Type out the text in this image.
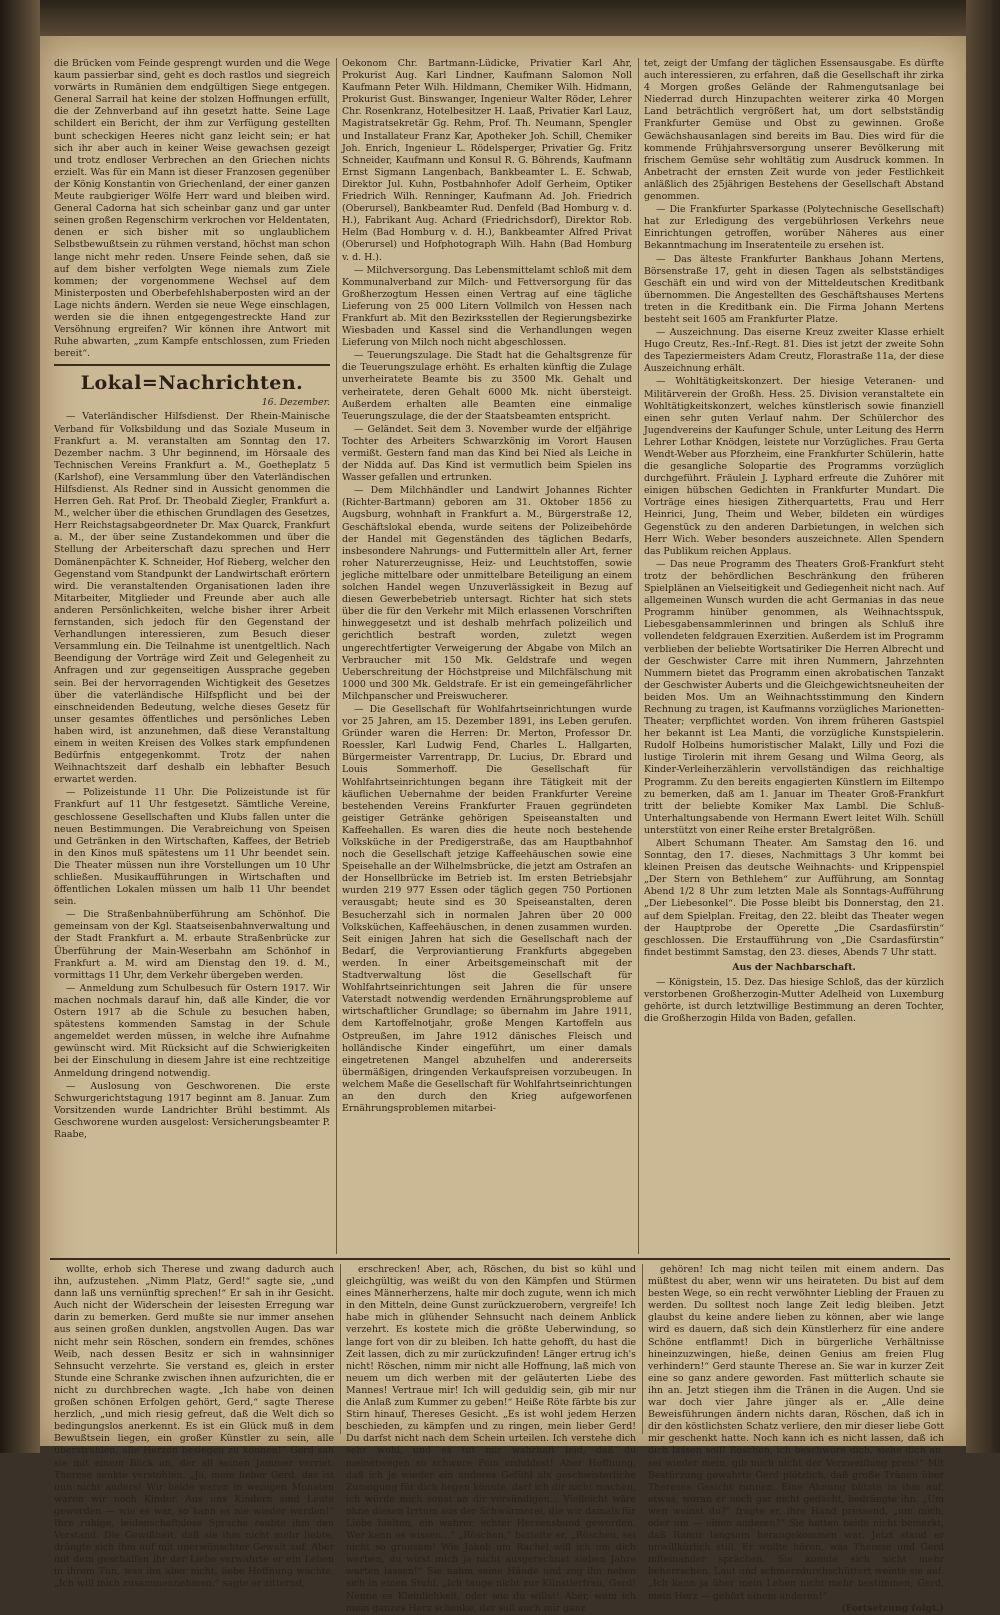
die Brücken vom Feinde gesprengt wurden und die Wege kaum passierbar sind, geht es doch rastlos und siegreich vorwärts in Rumänien dem endgültigen Siege entgegen. General Sarrail hat keine der stolzen Hoffnungen erfüllt, die der Zehnverband auf ihn gesetzt hatte. Seine Lage schildert ein Bericht, der ihm zur Verfügung gestellten bunt scheckigen Heeres nicht ganz leicht sein; er hat sich ihr aber auch in keiner Weise gewachsen gezeigt und trotz endloser Verbrechen an den Griechen nichts erzielt. Was für ein Mann ist dieser Franzosen gegenüber der König Konstantin von Griechenland, der einer ganzen Meute raubgieriger Wölfe Herr ward und bleiben wird. General Cadorna hat sich scheinbar ganz und gar unter seinen großen Regenschirm verkrochen vor Heldentaten, denen er sich bisher mit so unglaublichem Selbstbewußtsein zu rühmen verstand, höchst man schon lange nicht mehr reden. Unsere Feinde sehen, daß sie auf dem bisher verfolgten Wege niemals zum Ziele kommen; der vorgenommene Wechsel auf dem Ministerposten und Oberbefehlshaberposten wird an der Lage nichts ändern. Werden sie neue Wege einschlagen, werden sie die ihnen entgegengestreckte Hand zur Versöhnung ergreifen? Wir können ihre Antwort mit Ruhe abwarten, „zum Kampfe entschlossen, zum Frieden bereit“.

Lokal=Nachrichten.

16. Dezember.

— Vaterländischer Hilfsdienst. Der Rhein-Mainische Verband für Volksbildung und das Soziale Museum in Frankfurt a. M. veranstalten am Sonntag den 17. Dezember nachm. 3 Uhr beginnend, im Hörsaale des Technischen Vereins Frankfurt a. M., Goetheplatz 5 (Karlshof), eine Versammlung über den Vaterländischen Hilfsdienst. Als Redner sind in Aussicht genommen die Herren Geh. Rat Prof. Dr. Theobald Ziegler, Frankfurt a. M., welcher über die ethischen Grundlagen des Gesetzes, Herr Reichstagsabgeordneter Dr. Max Quarck, Frankfurt a. M., der über seine Zustandekommen und über die Stellung der Arbeiterschaft dazu sprechen und Herr Domänenpächter K. Schneider, Hof Rieberg, welcher den Gegenstand vom Standpunkt der Landwirtschaft erörtern wird. Die veranstaltenden Organisationen laden ihre Mitarbeiter, Mitglieder und Freunde aber auch alle anderen Persönlichkeiten, welche bisher ihrer Arbeit fernstanden, sich jedoch für den Gegenstand der Verhandlungen interessieren, zum Besuch dieser Versammlung ein. Die Teilnahme ist unentgeltlich. Nach Beendigung der Vorträge wird Zeit und Gelegenheit zu Anfragen und zur gegenseitigen Aussprache gegeben sein. Bei der hervorragenden Wichtigkeit des Gesetzes über die vaterländische Hilfspflicht und bei der einschneidenden Bedeutung, welche dieses Gesetz für unser gesamtes öffentliches und persönliches Leben haben wird, ist anzunehmen, daß diese Veranstaltung einem in weiten Kreisen des Volkes stark empfundenen Bedürfnis entgegenkommt. Trotz der nahen Weihnachtszeit darf deshalb ein lebhafter Besuch erwartet werden.

— Polizeistunde 11 Uhr. Die Polizeistunde ist für Frankfurt auf 11 Uhr festgesetzt. Sämtliche Vereine, geschlossene Gesellschaften und Klubs fallen unter die neuen Bestimmungen. Die Verabreichung von Speisen und Getränken in den Wirtschaften, Kaffees, der Betrieb in den Kinos muß spätestens um 11 Uhr beendet sein. Die Theater müssen nun ihre Vorstellungen um 10 Uhr schließen. Musikaufführungen in Wirtschaften und öffentlichen Lokalen müssen um halb 11 Uhr beendet sein.

— Die Straßenbahnüberführung am Schönhof. Die gemeinsam von der Kgl. Staatseisenbahnverwaltung und der Stadt Frankfurt a. M. erbaute Straßenbrücke zur Überführung der Main-Weserbahn am Schönhof in Frankfurt a. M. wird am Dienstag den 19. d. M., vormittags 11 Uhr, dem Verkehr übergeben werden.

— Anmeldung zum Schulbesuch für Ostern 1917. Wir machen nochmals darauf hin, daß alle Kinder, die vor Ostern 1917 ab die Schule zu besuchen haben, spätestens kommenden Samstag in der Schule angemeldet werden müssen, in welche ihre Aufnahme gewünscht wird. Mit Rücksicht auf die Schwierigkeiten bei der Einschulung in diesem Jahre ist eine rechtzeitige Anmeldung dringend notwendig.

— Auslosung von Geschworenen. Die erste Schwurgerichtstagung 1917 beginnt am 8. Januar. Zum Vorsitzenden wurde Landrichter Brühl bestimmt. Als Geschworene wurden ausgelost: Versicherungsbeamter P. Raabe,

Oekonom Chr. Bartmann-Lüdicke, Privatier Karl Ahr, Prokurist Aug. Karl Lindner, Kaufmann Salomon Noll Kaufmann Peter Wilh. Hildmann, Chemiker Wilh. Hidmann, Prokurist Gust. Binswanger, Ingenieur Walter Röder, Lehrer Chr. Rosenkranz, Hotelbesitzer H. Laaß, Privatier Karl Lauz, Magistratsekretär Gg. Rehm, Prof. Th. Neumann, Spengler und Installateur Franz Kar, Apotheker Joh. Schill, Chemiker Joh. Enrich, Ingenieur L. Rödelsperger, Privatier Gg. Fritz Schneider, Kaufmann und Konsul R. G. Böhrends, Kaufmann Ernst Sigmann Langenbach, Bankbeamter L. E. Schwab, Direktor Jul. Kuhn, Postbahnhofer Adolf Gerheim, Optiker Friedrich Wilh. Renninger, Kaufmann Ad. Joh. Friedrich (Oberursel), Bankbeamter Rud. Denfeld (Bad Homburg v. d. H.), Fabrikant Aug. Achard (Friedrichsdorf), Direktor Rob. Helm (Bad Homburg v. d. H.), Bankbeamter Alfred Privat (Oberursel) und Hofphotograph Wilh. Hahn (Bad Homburg v. d. H.).

— Milchversorgung. Das Lebensmittelamt schloß mit dem Kommunalverband zur Milch- und Fettversorgung für das Großherzogtum Hessen einen Vertrag auf eine tägliche Lieferung von 25 000 Litern Vollmilch von Hessen nach Frankfurt ab. Mit den Bezirksstellen der Regierungsbezirke Wiesbaden und Kassel sind die Verhandlungen wegen Lieferung von Milch noch nicht abgeschlossen.

— Teuerungszulage. Die Stadt hat die Gehaltsgrenze für die Teuerungszulage erhöht. Es erhalten künftig die Zulage unverheiratete Beamte bis zu 3500 Mk. Gehalt und verheiratete, deren Gehalt 6000 Mk. nicht übersteigt. Außerdem erhalten alle Beamten eine einmalige Teuerungszulage, die der der Staatsbeamten entspricht.

— Geländet. Seit dem 3. November wurde der elfjährige Tochter des Arbeiters Schwarzkönig im Vorort Hausen vermißt. Gestern fand man das Kind bei Nied als Leiche in der Nidda auf. Das Kind ist vermutlich beim Spielen ins Wasser gefallen und ertrunken.

— Dem Milchhändler und Landwirt Johannes Richter (Richter-Bartmann) geboren am 31. Oktober 1856 zu Augsburg, wohnhaft in Frankfurt a. M., Bürgerstraße 12, Geschäftslokal ebenda, wurde seitens der Polizeibehörde der Handel mit Gegenständen des täglichen Bedarfs, insbesondere Nahrungs- und Futtermitteln aller Art, ferner roher Naturerzeugnisse, Heiz- und Leuchtstoffen, sowie jegliche mittelbare oder unmittelbare Beteiligung an einem solchen Handel wegen Unzuverlässigkeit in Bezug auf diesen Gewerbebetrieb untersagt. Richter hat sich stets über die für den Verkehr mit Milch erlassenen Vorschriften hinweggesetzt und ist deshalb mehrfach polizeilich und gerichtlich bestraft worden, zuletzt wegen ungerechtfertigter Verweigerung der Abgabe von Milch an Verbraucher mit 150 Mk. Geldstrafe und wegen Ueberschreitung der Höchstpreise und Milchfälschung mit 1000 und 300 Mk. Geldstrafe. Er ist ein gemeingefährlicher Milchpanscher und Preiswucherer.

— Die Gesellschaft für Wohlfahrtseinrichtungen wurde vor 25 Jahren, am 15. Dezember 1891, ins Leben gerufen. Gründer waren die Herren: Dr. Merton, Professor Dr. Roessler, Karl Ludwig Fend, Charles L. Hallgarten, Bürgermeister Varrentrapp, Dr. Lucius, Dr. Ebrard und Louis Sommerhoff. Die Gesellschaft für Wohlfahrtseinrichtungen begann ihre Tätigkeit mit der käuflichen Uebernahme der beiden Frankfurter Vereine bestehenden Vereins Frankfurter Frauen gegründeten geistiger Getränke gehörigen Speiseanstalten und Kaffeehallen. Es waren dies die heute noch bestehende Volksküche in der Predigerstraße, das am Hauptbahnhof noch die Gesellschaft jetzige Kaffeehäuschen sowie eine Speisehalle an der Wilhelmsbrücke, die jetzt am Ostrafen an der Honsellbrücke im Betrieb ist. Im ersten Betriebsjahr wurden 219 977 Essen oder täglich gegen 750 Portionen verausgabt; heute sind es 30 Speiseanstalten, deren Besucherzahl sich in normalen Jahren über 20 000 Volksküchen, Kaffeehäuschen, in denen zusammen wurden. Seit einigen Jahren hat sich die Gesellschaft nach der Bedarf, die Verproviantierung Frankfurts abgegeben werden. In einer Arbeitsgemeinschaft mit der Stadtverwaltung löst die Gesellschaft für Wohlfahrtseinrichtungen seit Jahren die für unsere Vaterstadt notwendig werdenden Ernährungsprobleme auf wirtschaftlicher Grundlage; so übernahm im Jahre 1911, dem Kartoffelnotjahr, große Mengen Kartoffeln aus Ostpreußen, im Jahre 1912 dänisches Fleisch und holländische Kinder eingeführt, um einer damals eingetretenen Mangel abzuhelfen und andererseits übermäßigen, dringenden Verkaufspreisen vorzubeugen. In welchem Maße die Gesellschaft für Wohlfahrtseinrichtungen an den durch den Krieg aufgeworfenen Ernährungsproblemen mitarbei-

tet, zeigt der Umfang der täglichen Essensausgabe. Es dürfte auch interessieren, zu erfahren, daß die Gesellschaft ihr zirka 4 Morgen großes Gelände der Rahmengutsanlage bei Niederrad durch Hinzupachten weiterer zirka 40 Morgen Land beträchtlich vergrößert hat, um dort selbstständig Frankfurter Gemüse und Obst zu gewinnen. Große Gewächshausanlagen sind bereits im Bau. Dies wird für die kommende Frühjahrsversorgung unserer Bevölkerung mit frischem Gemüse sehr wohltätig zum Ausdruck kommen. In Anbetracht der ernsten Zeit wurde von jeder Festlichkeit anläßlich des 25jährigen Bestehens der Gesellschaft Abstand genommen.

— Die Frankfurter Sparkasse (Polytechnische Gesellschaft) hat zur Erledigung des vergebührlosen Verkehrs neue Einrichtungen getroffen, worüber Näheres aus einer Bekanntmachung im Inseratenteile zu ersehen ist.

— Das älteste Frankfurter Bankhaus Johann Mertens, Börsenstraße 17, geht in diesen Tagen als selbstständiges Geschäft ein und wird von der Mitteldeutschen Kreditbank übernommen. Die Angestellten des Geschäftshauses Mertens treten in die Kreditbank ein. Die Firma Johann Mertens besteht seit 1605 am Frankfurter Platze.

— Auszeichnung. Das eiserne Kreuz zweiter Klasse erhielt Hugo Creutz, Res.-Inf.-Regt. 81. Dies ist jetzt der zweite Sohn des Tapeziermeisters Adam Creutz, Florastraße 11a, der diese Auszeichnung erhält.

— Wohltätigkeitskonzert. Der hiesige Veteranen- und Militärverein der Großh. Hess. 25. Division veranstaltete ein Wohltätigkeitskonzert, welches künstlerisch sowie finanziell einen sehr guten Verlauf nahm. Der Schülerchor des Jugendvereins der Kaufunger Schule, unter Leitung des Herrn Lehrer Lothar Knödgen, leistete nur Vorzügliches. Frau Gerta Wendt-Weber aus Pforzheim, eine Frankfurter Schülerin, hatte die gesangliche Solopartie des Programms vorzüglich durchgeführt. Fräulein J. Lyphard erfreute die Zuhörer mit einigen hübschen Gedichten in Frankfurter Mundart. Die Vorträge eines hiesigen Zitherquartetts, Frau und Herr Heinrici, Jung, Theim und Weber, bildeten ein würdiges Gegenstück zu den anderen Darbietungen, in welchen sich Herr Wich. Weber besonders auszeichnete. Allen Spendern das Publikum reichen Applaus.

— Das neue Programm des Theaters Groß-Frankfurt steht trotz der behördlichen Beschränkung den früheren Spielplänen an Vielseitigkeit und Gediegenheit nicht nach. Auf allgemeinen Wunsch wurden die acht Germanias in das neue Programm hinüber genommen, als Weihnachtsspuk, Liebesgabensammlerinnen und bringen als Schluß ihre vollendeten feldgrauen Exerzitien. Außerdem ist im Programm verblieben der beliebte Wortsatiriker Die Herren Albrecht und der Geschwister Carre mit ihren Nummern, Jahrzehnten Nummern bietet das Programm einen akrobatischen Tanzakt der Geschwister Auberts und die Gleichgewichtsneuheiten der beiden Mos. Um an Weihnachtsstimmung den Kindern Rechnung zu tragen, ist Kaufmanns vorzügliches Marionetten-Theater; verpflichtet worden. Von ihrem früheren Gastspiel her bekannt ist Lea Manti, die vorzügliche Kunstspielerin. Rudolf Holbeins humoristischer Malakt, Lilly und Fozi die lustige Tirolerin mit ihrem Gesang und Wilma Georg, als Kinder-Verleiherzählerin vervollständigen das reichhaltige Programm. Zu den bereits engagierten Künstlern im Eiltempo zu bemerken, daß am 1. Januar im Theater Groß-Frankfurt tritt der beliebte Komiker Max Lambl. Die Schluß-Unterhaltungsabende von Hermann Ewert leitet Wilh. Schüll unterstützt von einer Reihe erster Bretalgrößen.

Albert Schumann Theater. Am Samstag den 16. und Sonntag, den 17. dieses, Nachmittags 3 Uhr kommt bei kleinen Preisen das deutsche Weihnachts- und Krippenspiel „Der Stern von Bethlehem“ zur Aufführung, am Sonntag Abend 1/2 8 Uhr zum letzten Male als Sonntags-Aufführung „Der Liebesonkel“. Die Posse bleibt bis Donnerstag, den 21. auf dem Spielplan. Freitag, den 22. bleibt das Theater wegen der Hauptprobe der Operette „Die Csardasfürstin“ geschlossen. Die Erstaufführung von „Die Csardasfürstin“ findet bestimmt Samstag, den 23. dieses, Abends 7 Uhr statt.

Aus der Nachbarschaft.

— Königstein, 15. Dez. Das hiesige Schloß, das der kürzlich verstorbenen Großherzogin-Mutter Adelheid von Luxemburg gehörte, ist durch letztwillige Bestimmung an deren Tochter, die Großherzogin Hilda von Baden, gefallen.

wollte, erhob sich Therese und zwang dadurch auch ihn, aufzustehen. „Nimm Platz, Gerd!“ sagte sie, „und dann laß uns vernünftig sprechen!“ Er sah in ihr Gesicht. Auch nicht der Widerschein der leisesten Erregung war darin zu bemerken. Gerd mußte sie nur immer ansehen aus seinen großen dunklen, angstvollen Augen. Das war nicht mehr sein Röschen, sondern ein fremdes, schönes Weib, nach dessen Besitz er sich in wahnsinniger Sehnsucht verzehrte. Sie verstand es, gleich in erster Stunde eine Schranke zwischen ihnen aufzurichten, die er nicht zu durchbrechen wagte. „Ich habe von deinen großen schönen Erfolgen gehört, Gerd,“ sagte Therese herzlich, „und mich riesig gefreut, daß die Welt dich so bedingungslos anerkennt. Es ist ein Glück muß in dem Bewußtsein liegen, ein großer Künstler zu sein, alle überstrahlen, alle Herzen besiegen zu können!“ Gerd sah sie mit einem Blick an, der all seinen Jammer verriet. Therese senkte verstohlen. „Ja, mein lieber Gerd, das ist nun nicht anders! Wir beide waren in wenigen Monaten waren wir noch Kinder. Aus uns Kindern sind Leute geworden — wie es war, so kann es nie wieder werden!“ Ihre ruhige, leidenschaftslose Sprache raubte ihm den Verstand. Die Gewißheit, daß sie ihm nicht mehr liebte, drängte sich ihm auf mit unerwünschter Gewalt auf. Aber mit dem geschaffen ihr der Liebe verwahrte er ein Leben in ihrem Tun, was ihn aber nicht, liebe Hoffnung wachte. „Ich will mich zusammennehmen,“ sagte er zitternd,

erschrecken! Aber, ach, Röschen, du bist so kühl und gleichgültig, was weißt du von den Kämpfen und Stürmen eines Männerherzens, halte mir doch zugute, wenn ich mich in den Mitteln, deine Gunst zurückzuerobern, vergreife! Ich habe mich in glühender Sehnsucht nach deinem Anblick verzehrt. Es kostete mich die größte Ueberwindung, so lange fort von dir zu bleiben. Ich hatte gehofft, du hast die Zeit lassen, dich zu mir zurückzufinden! Länger ertrug ich's nicht! Röschen, nimm mir nicht alle Hoffnung, laß mich von neuem um dich werben mit der geläuterten Liebe des Mannes! Vertraue mir! Ich will geduldig sein, gib mir nur die Anlaß zum Kummer zu geben!“ Heiße Röte färbte bis zur Stirn hinauf, Thereses Gesicht. „Es ist wohl jedem Herzen beschieden, zu kämpfen und zu ringen, mein lieber Gerd! Du darfst nicht nach dem Schein urteilen. Ich verstehe dich sehr wohl, und es tut mir wahrhaft leid, daß du meinetwegen so schwere Pein erduldest! Aber Hoffnung, daß ich je wieder ein anderes Gefühl als geschwisterliche Zuneigung für dich hegen könnte, darf ich dir nicht machen, ich würde mich sonst an dir versündigen... Vielleicht wäre ohne diesen Irrtum aus der Schwärmerei, die wir damals für Liebe hielten, ein wahrer, echter Herzensbund geworden. Wer kann es wissen...“ „Röschen,“ bettelte er, „Röschen, sei nicht so grausam! Wie Jakob um Rachel will ich um dich werben, du wirst mich ja nicht ausgerechnet sieben Jahre warten lassen!“ Sie nahm seine Hände und zog ihn neben sich in einen Stuhl. „Ich tauge nicht zur Künstlerfrau, Gerd! Nenne es Kleinlichkeit, oder wie du willst! Aber, wem ich mein ganzes Herz schenke, der soll auch mir ganz

gehören! Ich mag nicht teilen mit einem andern. Das müßtest du aber, wenn wir uns heirateten. Du bist auf dem besten Wege, so ein recht verwöhnter Liebling der Frauen zu werden. Du solltest noch lange Zeit ledig bleiben. Jetzt glaubst du keine andere lieben zu können, aber wie lange wird es dauern, daß sich dein Künstlerherz für eine andere Schöne entflammt! Dich in bürgerliche Verhältnisse hineinzuzwingen, hieße, deinen Genius am freien Flug verhindern!“ Gerd staunte Therese an. Sie war in kurzer Zeit eine so ganz andere geworden. Fast mütterlich schaute sie ihn an. Jetzt stiegen ihm die Tränen in die Augen. Und sie war doch vier Jahre jünger als er. „Alle deine Beweisführungen ändern nichts daran, Röschen, daß ich in dir den köstlichsten Schatz verliere, den mir dieser liebe Gott mir geschenkt hatte. Noch kann ich es nicht lassen, daß ich dich lassen soll! Röschen, ich beschwöre dich, siehe dich an, sei wieder mein, gib mich nicht der Verzweiflung preis!“ Mit Bestürzung gewahrte Gerd plötzlich, daß große Tränen über Thereses Gesicht rannen. Eine Ahnung blitzte in ihm auf, etwas, woran er noch gar nicht gedacht, bedrängte ihn. „Um wen weinst du?“ fragte er, ihre Hand pressend, „um mich, oder um — einen anderen?“ Sie hatten beide nicht bemerkt, daß Ramiz langsam herangekommen war. Jetzt stand er unwillkürlich still. Er wollte hören, was Therese und Gerd miteinander sprächen. Sie konnte sich nicht mehr beherrschen. Laut und schmerzdurchschüttert weinte sie auf. „Ich kann ja über mein Leben nicht mehr bestimmen, Gerd, mein Herz — gehört einem anderen!“

(Fortsetzung folgt.)
